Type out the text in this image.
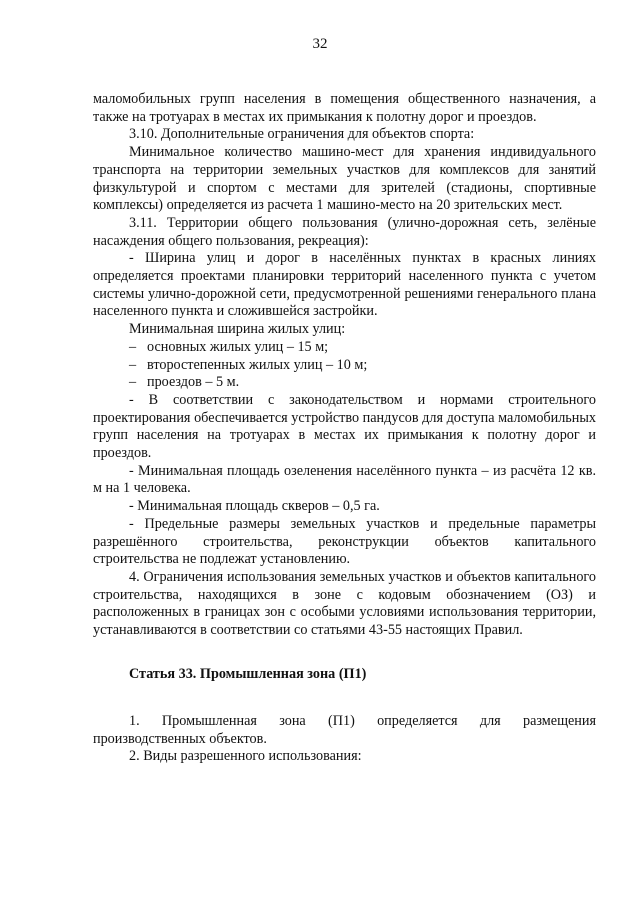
32

маломобильных групп населения в помещения общественного назначения, а также на тротуарах в местах их примыкания к полотну дорог и проездов.

3.10. Дополнительные ограничения для объектов спорта:

Минимальное количество машино-мест для хранения индивидуального транспорта на территории земельных участков для комплексов для занятий физкультурой и спортом с местами для зрителей (стадионы, спортивные комплексы) определяется из расчета 1 машино-место на 20 зрительских мест.

3.11. Территории общего пользования (улично-дорожная сеть, зелёные насаждения общего пользования, рекреация):

- Ширина улиц и дорог в населённых пунктах в красных линиях определяется проектами планировки территорий населенного пункта с учетом системы улично-дорожной сети, предусмотренной решениями генерального плана населенного пункта и сложившейся застройки.

Минимальная ширина жилых улиц:

– основных жилых улиц – 15 м;
– второстепенных жилых улиц – 10 м;
– проездов – 5 м.

- В соответствии с законодательством и нормами строительного проектирования обеспечивается устройство пандусов для доступа маломобильных групп населения на тротуарах в местах их примыкания к полотну дорог и проездов.

- Минимальная площадь озеленения населённого пункта – из расчёта 12 кв. м на 1 человека.

- Минимальная площадь скверов – 0,5 га.

- Предельные размеры земельных участков и предельные параметры разрешённого строительства, реконструкции объектов капитального строительства не подлежат установлению.

4. Ограничения использования земельных участков и объектов капитального строительства, находящихся в зоне с кодовым обозначением (ОЗ) и расположенных в границах зон с особыми условиями использования территории, устанавливаются в соответствии со статьями 43-55 настоящих Правил.

Статья 33. Промышленная зона (П1)

1. Промышленная зона (П1) определяется для размещения производственных объектов.

2. Виды разрешенного использования:
